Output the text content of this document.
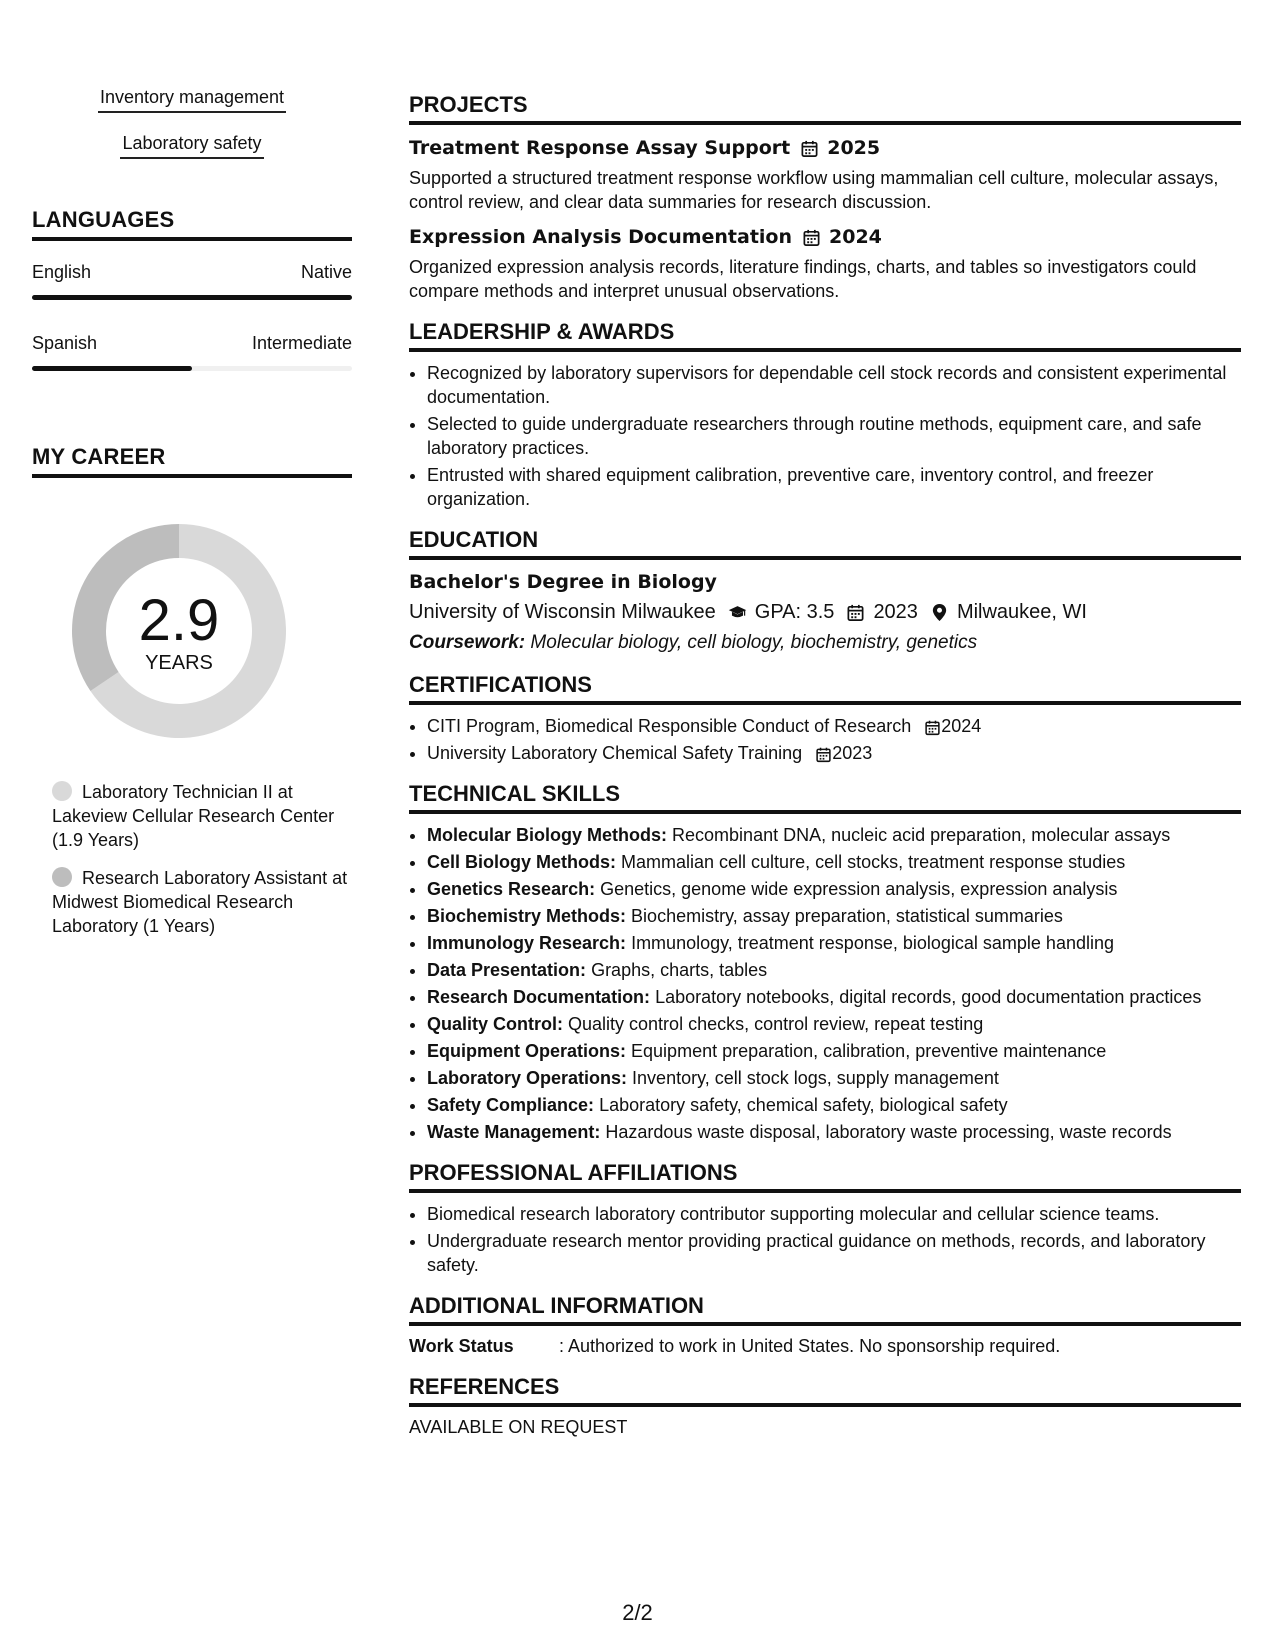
Inventory management
Laboratory safety
LANGUAGES
English	Native
Spanish	Intermediate
MY CAREER
2.9
YEARS
Laboratory Technician II at Lakeview Cellular Research Center (1.9 Years)
Research Laboratory Assistant at Midwest Biomedical Research Laboratory (1 Years)
PROJECTS
Treatment Response Assay Support 2025
Supported a structured treatment response workflow using mammalian cell culture, molecular assays, control review, and clear data summaries for research discussion.
Expression Analysis Documentation 2024
Organized expression analysis records, literature findings, charts, and tables so investigators could compare methods and interpret unusual observations.
LEADERSHIP & AWARDS
• Recognized by laboratory supervisors for dependable cell stock records and consistent experimental documentation.
• Selected to guide undergraduate researchers through routine methods, equipment care, and safe laboratory practices.
• Entrusted with shared equipment calibration, preventive care, inventory control, and freezer organization.
EDUCATION
Bachelor's Degree in Biology
University of Wisconsin Milwaukee GPA: 3.5 2023 Milwaukee, WI
Coursework: Molecular biology, cell biology, biochemistry, genetics
CERTIFICATIONS
• CITI Program, Biomedical Responsible Conduct of Research 2024
• University Laboratory Chemical Safety Training 2023
TECHNICAL SKILLS
• Molecular Biology Methods: Recombinant DNA, nucleic acid preparation, molecular assays
• Cell Biology Methods: Mammalian cell culture, cell stocks, treatment response studies
• Genetics Research: Genetics, genome wide expression analysis, expression analysis
• Biochemistry Methods: Biochemistry, assay preparation, statistical summaries
• Immunology Research: Immunology, treatment response, biological sample handling
• Data Presentation: Graphs, charts, tables
• Research Documentation: Laboratory notebooks, digital records, good documentation practices
• Quality Control: Quality control checks, control review, repeat testing
• Equipment Operations: Equipment preparation, calibration, preventive maintenance
• Laboratory Operations: Inventory, cell stock logs, supply management
• Safety Compliance: Laboratory safety, chemical safety, biological safety
• Waste Management: Hazardous waste disposal, laboratory waste processing, waste records
PROFESSIONAL AFFILIATIONS
• Biomedical research laboratory contributor supporting molecular and cellular science teams.
• Undergraduate research mentor providing practical guidance on methods, records, and laboratory safety.
ADDITIONAL INFORMATION
Work Status	: Authorized to work in United States. No sponsorship required.
REFERENCES
AVAILABLE ON REQUEST
2/2
